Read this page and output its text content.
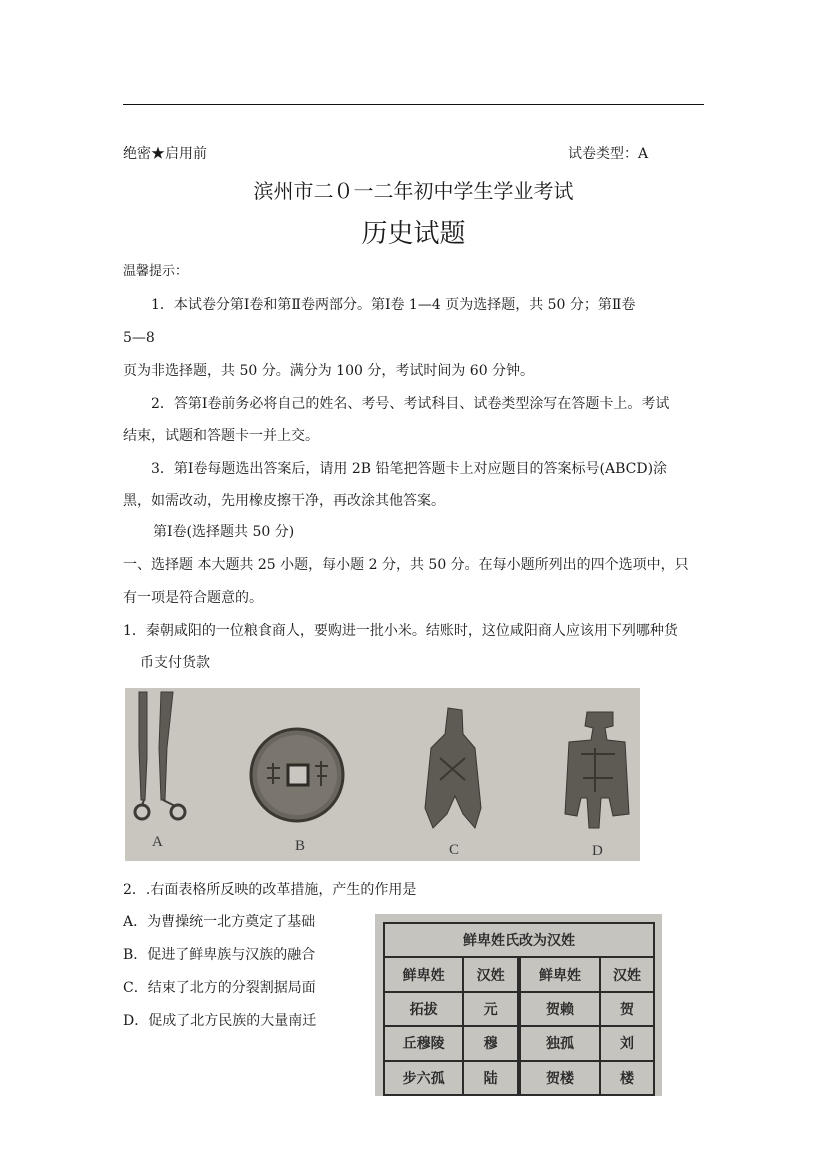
绝密★启用前	试卷类型：A
滨州市二０一二年初中学生学业考试
历史试题
温馨提示：
1．本试卷分第Ⅰ卷和第Ⅱ卷两部分。第Ⅰ卷 1—4 页为选择题，共 50 分；第Ⅱ卷
5—8
页为非选择题，共 50 分。满分为 100 分，考试时间为 60 分钟。
2．答第Ⅰ卷前务必将自己的姓名、考号、考试科目、试卷类型涂写在答题卡上。考试
结束，试题和答题卡一并上交。
3．第Ⅰ卷每题选出答案后，请用 2B 铅笔把答题卡上对应题目的答案标号(ABCD)涂
黑，如需改动，先用橡皮擦干净，再改涂其他答案。
第Ⅰ卷(选择题共 50 分)
一、选择题 本大题共 25 小题，每小题 2 分，共 50 分。在每小题所列出的四个选项中，只
有一项是符合题意的。
1．秦朝咸阳的一位粮食商人，要购进一批小米。结账时，这位咸阳商人应该用下列哪种货
币支付货款
A	B	C	D
2．.右面表格所反映的改革措施，产生的作用是
A．为曹操统一北方奠定了基础
B．促进了鲜卑族与汉族的融合
C．结束了北方的分裂割据局面
D．促成了北方民族的大量南迁
鲜卑姓氏改为汉姓			
鲜卑姓	汉姓	鲜卑姓	汉姓
拓拔	元	贺赖	贺
丘穆陵	穆	独孤	刘
步六孤	陆	贺楼	楼
